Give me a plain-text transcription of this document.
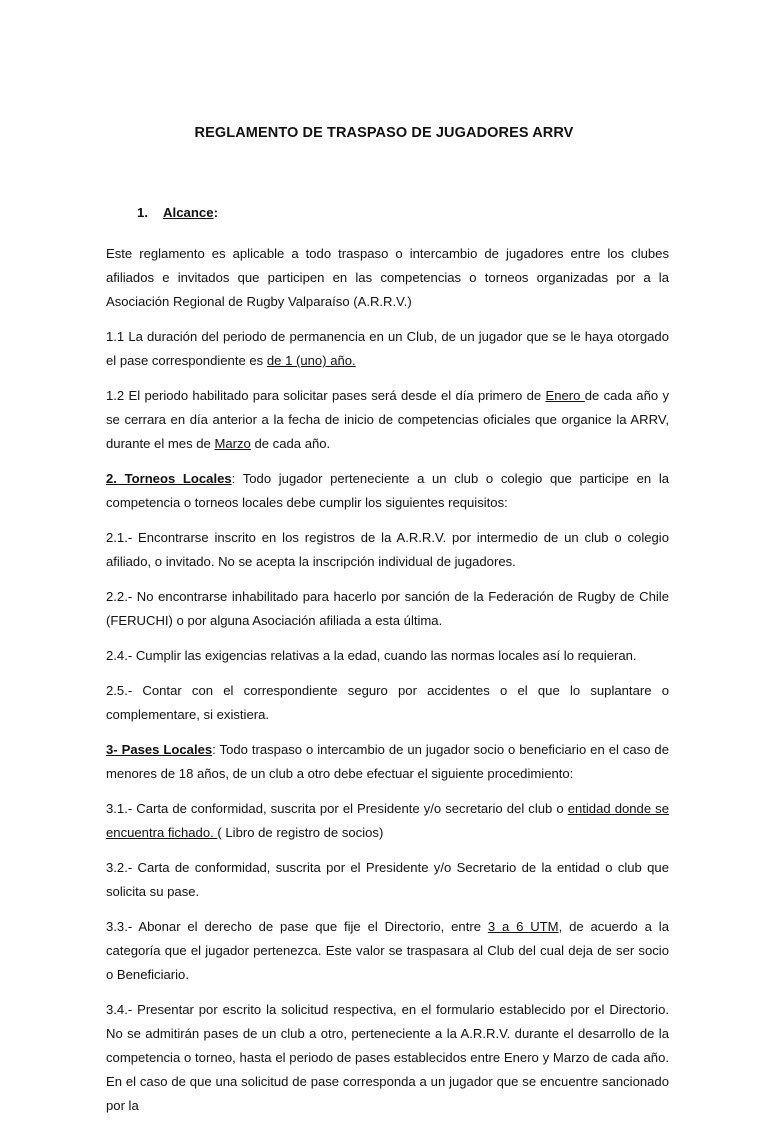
REGLAMENTO DE TRASPASO DE JUGADORES ARRV
1. Alcance:

Este reglamento es aplicable a todo traspaso o intercambio de jugadores entre los clubes afiliados e invitados que participen en las competencias o torneos organizadas por a la Asociación Regional de Rugby Valparaíso (A.R.R.V.)

1.1 La duración del periodo de permanencia en un Club, de un jugador que se le haya otorgado el pase correspondiente es de 1 (uno) año.

1.2 El periodo habilitado para solicitar pases será desde el día primero de Enero de cada año y se cerrara en día anterior a la fecha de inicio de competencias oficiales que organice la ARRV, durante el mes de Marzo de cada año.

2. Torneos Locales: Todo jugador perteneciente a un club o colegio que participe en la competencia o torneos locales debe cumplir los siguientes requisitos:

2.1.- Encontrarse inscrito en los registros de la A.R.R.V. por intermedio de un club o colegio afiliado, o invitado. No se acepta la inscripción individual de jugadores.

2.2.- No encontrarse inhabilitado para hacerlo por sanción de la Federación de Rugby de Chile (FERUCHI) o por alguna Asociación afiliada a esta última.

2.4.- Cumplir las exigencias relativas a la edad, cuando las normas locales así lo requieran.

2.5.- Contar con el correspondiente seguro por accidentes o el que lo suplantare o complementare, si existiera.

3- Pases Locales: Todo traspaso o intercambio de un jugador socio o beneficiario en el caso de menores de 18 años, de un club a otro debe efectuar el siguiente procedimiento:

3.1.- Carta de conformidad, suscrita por el Presidente y/o secretario del club o entidad donde se encuentra fichado. ( Libro de registro de socios)

3.2.- Carta de conformidad, suscrita por el Presidente y/o Secretario de la entidad o club que solicita su pase.

3.3.- Abonar el derecho de pase que fije el Directorio, entre 3 a 6 UTM, de acuerdo a la categoría que el jugador pertenezca. Este valor se traspasara al Club del cual deja de ser socio o Beneficiario.

3.4.- Presentar por escrito la solicitud respectiva, en el formulario establecido por el Directorio. No se admitirán pases de un club a otro, perteneciente a la A.R.R.V. durante el desarrollo de la competencia o torneo, hasta el periodo de pases establecidos entre Enero y Marzo de cada año. En el caso de que una solicitud de pase corresponda a un jugador que se encuentre sancionado por la
